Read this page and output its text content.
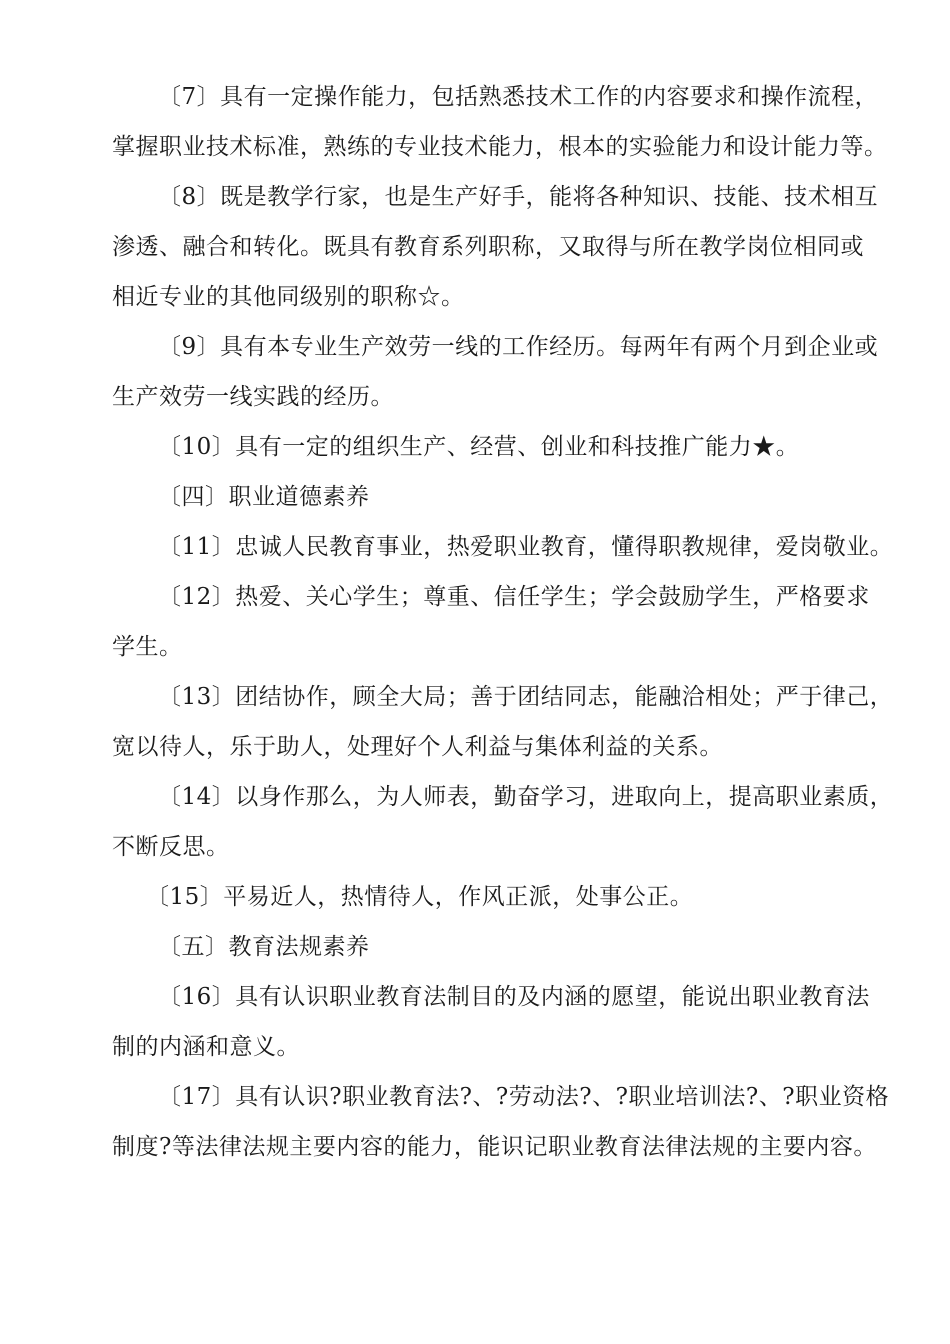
〔7〕具有一定操作能力，包括熟悉技术工作的内容要求和操作流程，
掌握职业技术标准，熟练的专业技术能力，根本的实验能力和设计能力等。
〔8〕既是教学行家，也是生产好手，能将各种知识、技能、技术相互
渗透、融合和转化。既具有教育系列职称，又取得与所在教学岗位相同或
相近专业的其他同级别的职称☆。
〔9〕具有本专业生产效劳一线的工作经历。每两年有两个月到企业或
生产效劳一线实践的经历。
〔10〕具有一定的组织生产、经营、创业和科技推广能力★。
〔四〕职业道德素养
〔11〕忠诚人民教育事业，热爱职业教育，懂得职教规律，爱岗敬业。
〔12〕热爱、关心学生；尊重、信任学生；学会鼓励学生，严格要求
学生。
〔13〕团结协作，顾全大局；善于团结同志，能融洽相处；严于律己，
宽以待人，乐于助人，处理好个人利益与集体利益的关系。
〔14〕以身作那么，为人师表，勤奋学习，进取向上，提高职业素质，
不断反思。
〔15〕平易近人，热情待人，作风正派，处事公正。
〔五〕教育法规素养
〔16〕具有认识职业教育法制目的及内涵的愿望，能说出职业教育法
制的内涵和意义。
〔17〕具有认识?职业教育法?、?劳动法?、?职业培训法?、?职业资格
制度?等法律法规主要内容的能力，能识记职业教育法律法规的主要内容。
